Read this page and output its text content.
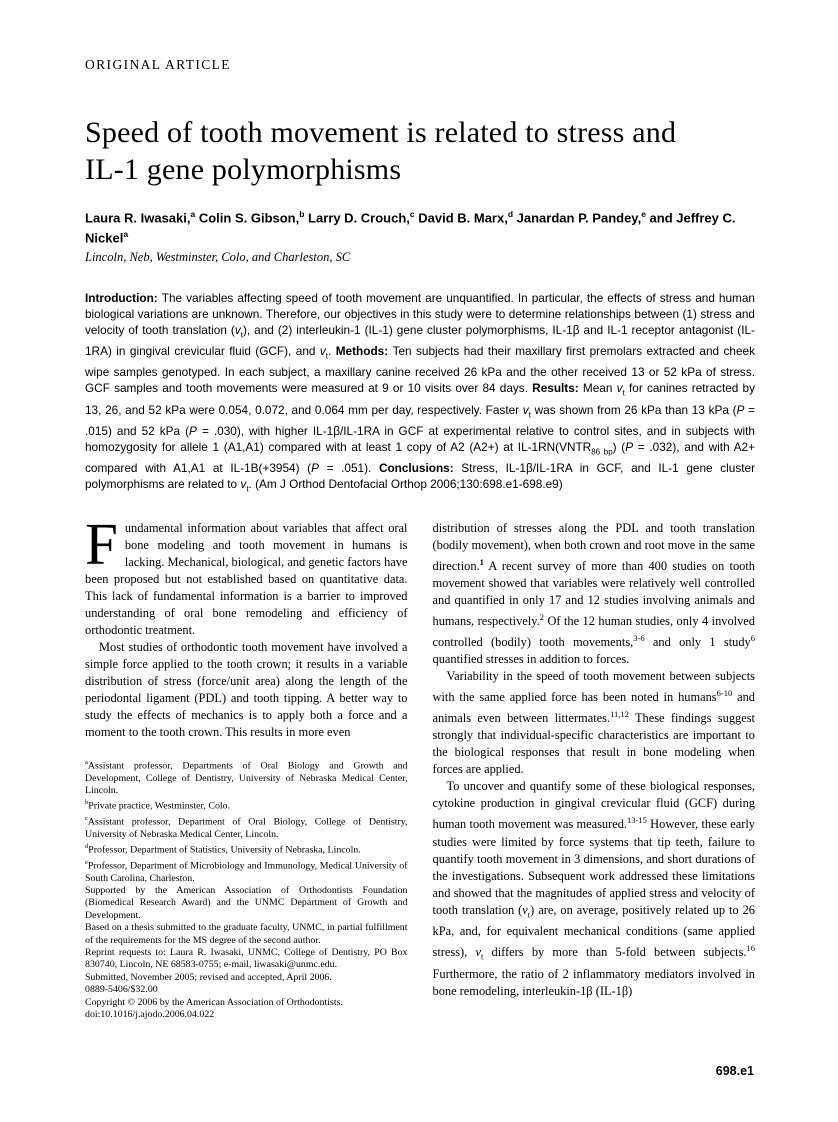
ORIGINAL ARTICLE
Speed of tooth movement is related to stress and IL-1 gene polymorphisms
Laura R. Iwasaki,$^a$ Colin S. Gibson,$^b$ Larry D. Crouch,$^c$ David B. Marx,$^d$ Janardan P. Pandey,$^e$ and Jeffrey C. Nickel$^a$
Lincoln, Neb, Westminster, Colo, and Charleston, SC
Introduction: The variables affecting speed of tooth movement are unquantified. In particular, the effects of stress and human biological variations are unknown. Therefore, our objectives in this study were to determine relationships between (1) stress and velocity of tooth translation $(v_t)$, and (2) interleukin-1 (IL-1) gene cluster polymorphisms, IL-1β and IL-1 receptor antagonist (IL-1RA) in gingival crevicular fluid (GCF), and $v_t$. Methods: Ten subjects had their maxillary first premolars extracted and cheek wipe samples genotyped. In each subject, a maxillary canine received 26 kPa and the other received 13 or 52 kPa of stress. GCF samples and tooth movements were measured at 9 or 10 visits over 84 days. Results: Mean $v_t$ for canines retracted by 13, 26, and 52 kPa were 0.054, 0.072, and 0.064 mm per day, respectively. Faster $v_t$ was shown from 26 kPa than 13 kPa (P = .015) and 52 kPa (P = .030), with higher IL-1β/IL-1RA in GCF at experimental relative to control sites, and in subjects with homozygosity for allele 1 (A1,A1) compared with at least 1 copy of A2 (A2+) at $IL-1RN(VNTR_{86 bp}) (P = .032)$, and with A2+ compared with A1,A1 at IL-1B(+3954) (P = .051). Conclusions: Stress, IL-1β/IL-1RA in GCF, and IL-1 gene cluster polymorphisms are related to $v_t$. (Am J Orthod Dentofacial Orthop 2006;130:698.e1-698.e9)

Fundamental information about variables that affect oral bone modeling and tooth movement in humans is lacking. Mechanical, biological, and genetic factors have been proposed but not established based on quantitative data. This lack of fundamental information is a barrier to improved understanding of oral bone remodeling and efficiency of orthodontic treatment.

Most studies of orthodontic tooth movement have involved a simple force applied to the tooth crown; it results in a variable distribution of stress (force/unit area) along the length of the periodontal ligament (PDL) and tooth tipping. A better way to study the effects of mechanics is to apply both a force and a moment to the tooth crown. This results in more even

$^a$Assistant professor, Departments of Oral Biology and Growth and Development, College of Dentistry, University of Nebraska Medical Center, Lincoln.
$^b$Private practice, Westminster, Colo.
$^c$Assistant professor, Department of Oral Biology, College of Dentistry, University of Nebraska Medical Center, Lincoln.
$^d$Professor, Department of Statistics, University of Nebraska, Lincoln.
$^e$Professor, Department of Microbiology and Immunology, Medical University of South Carolina, Charleston.
Supported by the American Association of Orthodontists Foundation (Biomedical Research Award) and the UNMC Department of Growth and Development.
Based on a thesis submitted to the graduate faculty, UNMC, in partial fulfillment of the requirements for the MS degree of the second author.
Reprint requests to: Laura R. Iwasaki, UNMC, College of Dentistry, PO Box 830740, Lincoln, NE 68583-0755; e-mail, liwasaki@unmc.edu.
Submitted, November 2005; revised and accepted, April 2006.
0889-5406/$32.00
Copyright © 2006 by the American Association of Orthodontists.
doi:10.1016/j.ajodo.2006.04.022

distribution of stresses along the PDL and tooth translation (bodily movement), when both crown and root move in the same direction.$^1$ A recent survey of more than 400 studies on tooth movement showed that variables were relatively well controlled and quantified in only 17 and 12 studies involving animals and humans, respectively.$^2$ Of the 12 human studies, only 4 involved controlled (bodily) tooth movements,$^{3-6}$ and only 1 study$^6$ quantified stresses in addition to forces.

Variability in the speed of tooth movement between subjects with the same applied force has been noted in humans$^{6-10}$ and animals even between littermates.$^{11,12}$ These findings suggest strongly that individual-specific characteristics are important to the biological responses that result in bone modeling when forces are applied.

To uncover and quantify some of these biological responses, cytokine production in gingival crevicular fluid (GCF) during human tooth movement was measured.$^{13-15}$ However, these early studies were limited by force systems that tip teeth, failure to quantify tooth movement in 3 dimensions, and short durations of the investigations. Subsequent work addressed these limitations and showed that the magnitudes of applied stress and velocity of tooth translation $(v_t)$ are, on average, positively related up to 26 kPa, and, for equivalent mechanical conditions (same applied stress), $v_t$ differs by more than 5-fold between subjects.$^{16}$ Furthermore, the ratio of 2 inflammatory mediators involved in bone remodeling, interleukin-1β (IL-1β)

698.e1
